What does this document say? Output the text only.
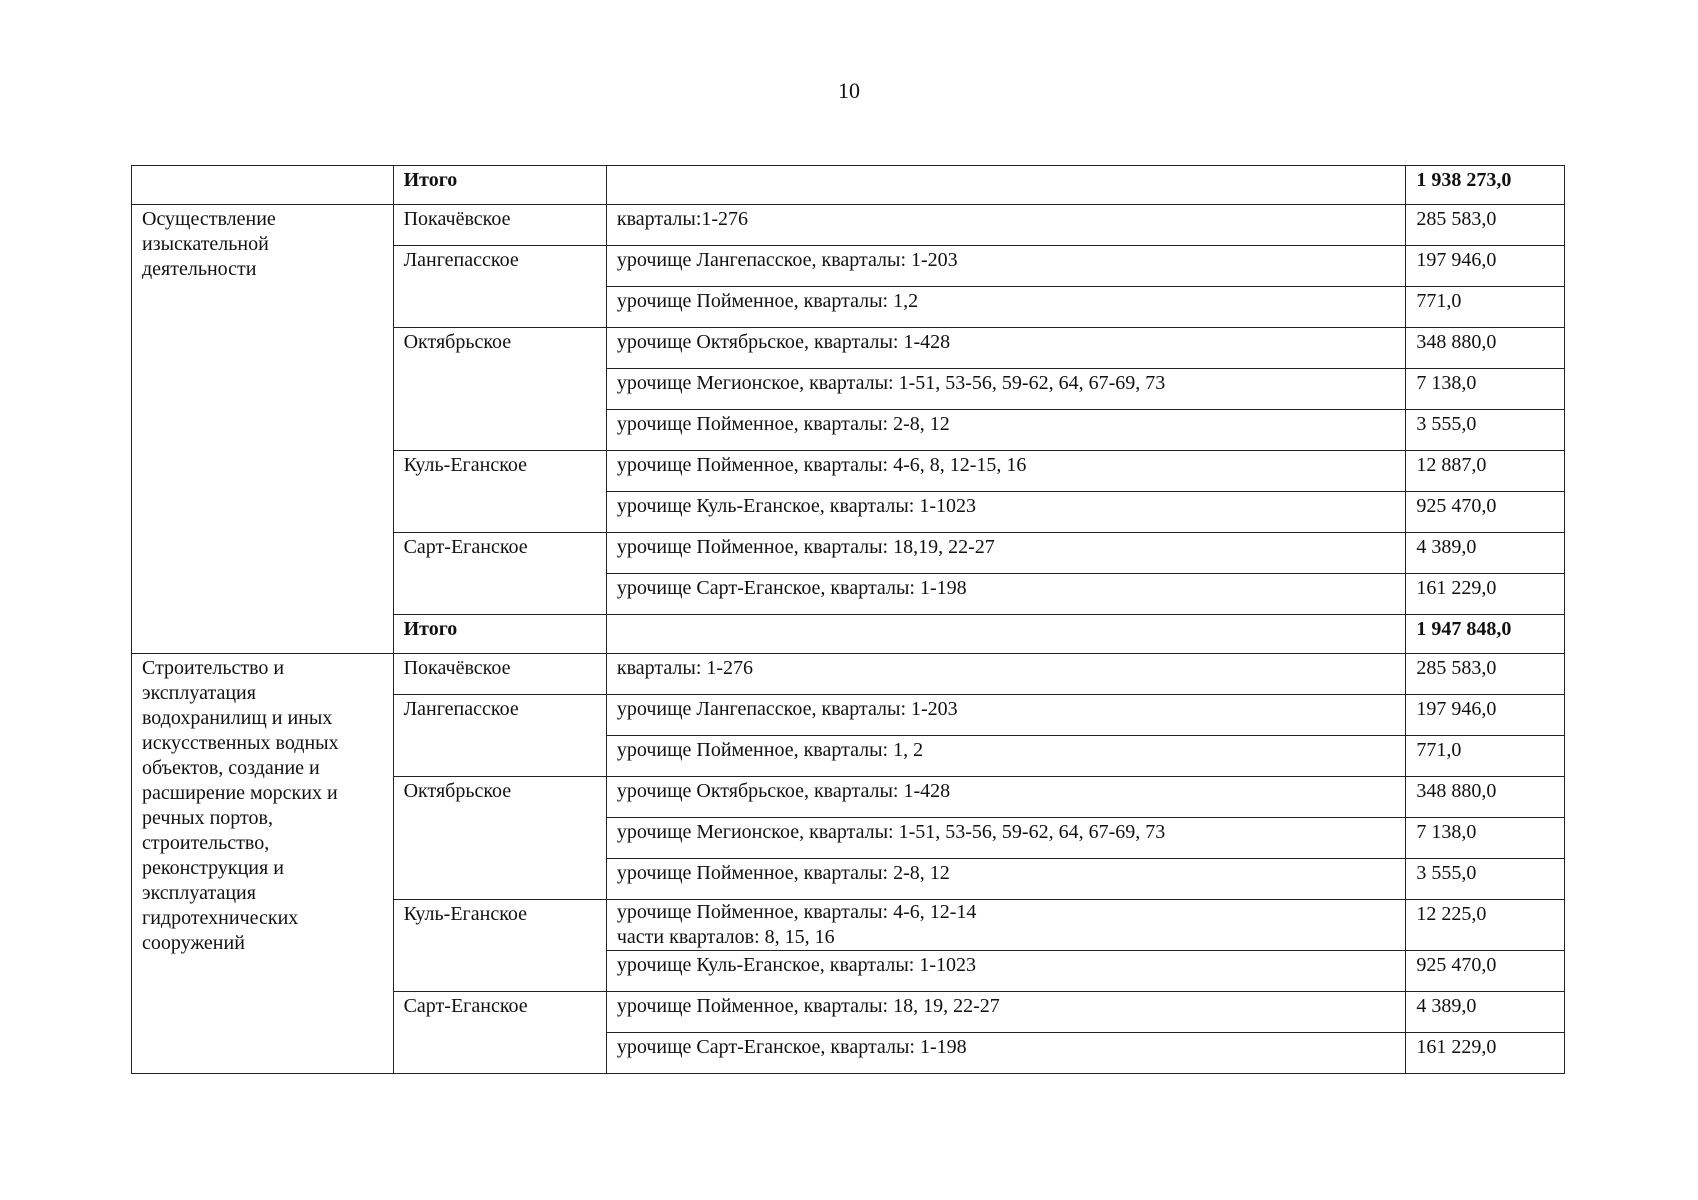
10
	Итого		1 938 273,0
Осуществление изыскательной деятельности	Покачёвское	кварталы:1-276	285 583,0
	Лангепасское	урочище Лангепасское, кварталы: 1-203	197 946,0
		урочище Пойменное, кварталы: 1,2	771,0
	Октябрьское	урочище Октябрьское, кварталы: 1-428	348 880,0
		урочище Мегионское, кварталы: 1-51, 53-56, 59-62, 64, 67-69, 73	7 138,0
		урочище Пойменное, кварталы: 2-8, 12	3 555,0
	Куль-Еганское	урочище Пойменное, кварталы: 4-6, 8, 12-15, 16	12 887,0
		урочище Куль-Еганское, кварталы: 1-1023	925 470,0
	Сарт-Еганское	урочище Пойменное, кварталы: 18,19, 22-27	4 389,0
		урочище Сарт-Еганское, кварталы: 1-198	161 229,0
	Итого		1 947 848,0
Строительство и эксплуатация водохранилищ и иных искусственных водных объектов, создание и расширение морских и речных портов, строительство, реконструкция и эксплуатация гидротехнических сооружений	Покачёвское	кварталы: 1-276	285 583,0
	Лангепасское	урочище Лангепасское, кварталы: 1-203	197 946,0
		урочище Пойменное, кварталы: 1, 2	771,0
	Октябрьское	урочище Октябрьское, кварталы: 1-428	348 880,0
		урочище Мегионское, кварталы: 1-51, 53-56, 59-62, 64, 67-69, 73	7 138,0
		урочище Пойменное, кварталы: 2-8, 12	3 555,0
	Куль-Еганское	урочище Пойменное, кварталы: 4-6, 12-14
части кварталов: 8, 15, 16	12 225,0
		урочище Куль-Еганское, кварталы: 1-1023	925 470,0
	Сарт-Еганское	урочище Пойменное, кварталы: 18, 19, 22-27	4 389,0
		урочище Сарт-Еганское, кварталы: 1-198	161 229,0
